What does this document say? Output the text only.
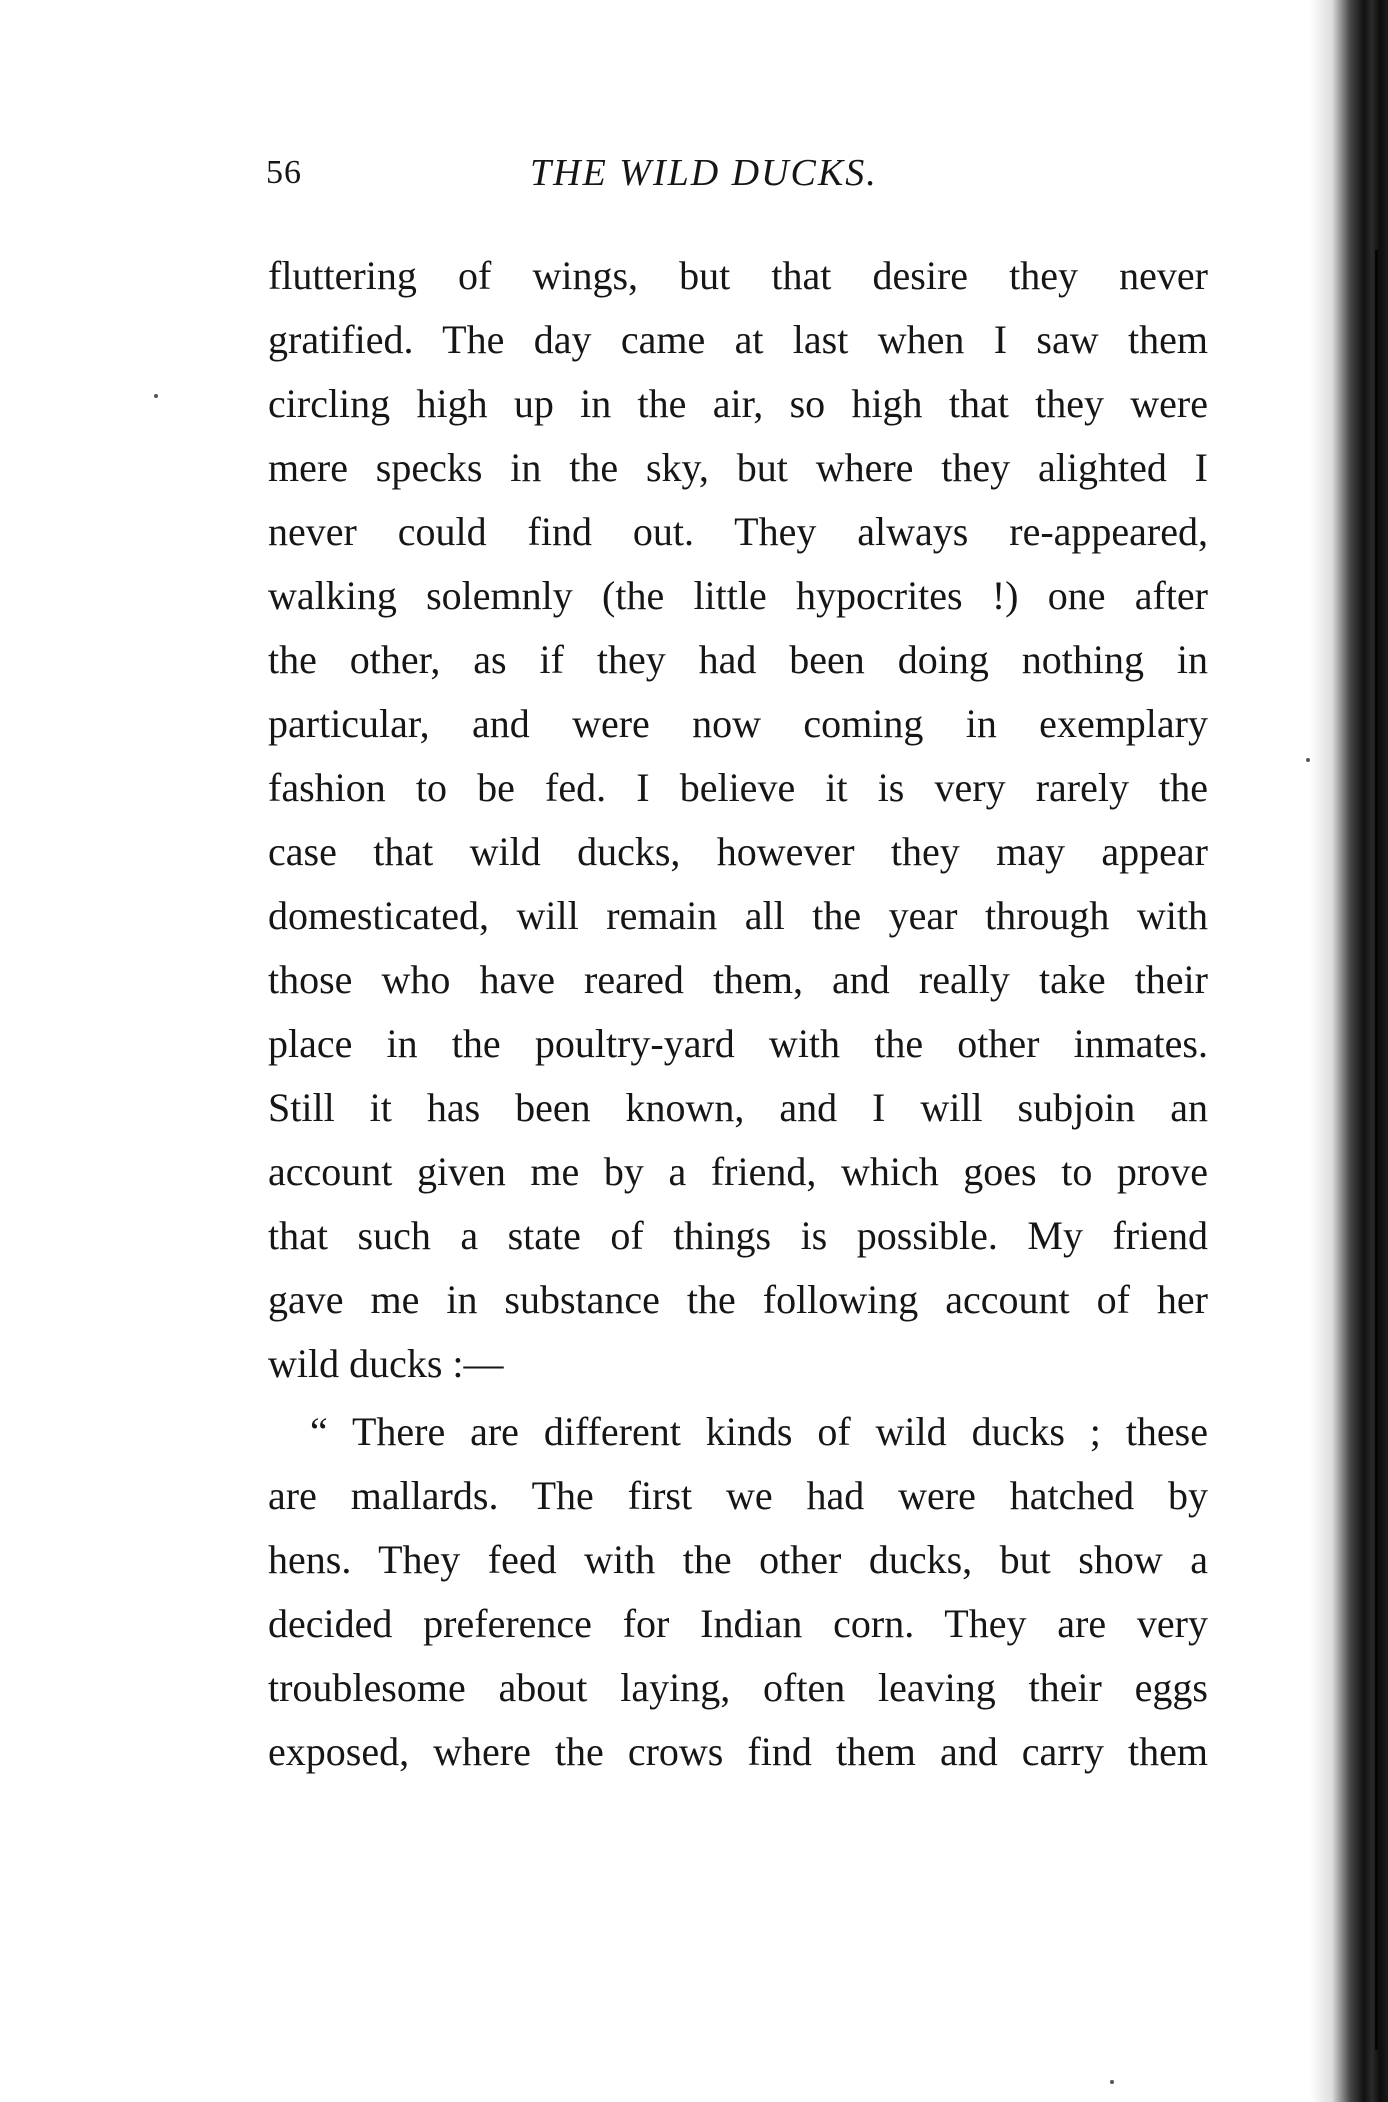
56	THE WILD DUCKS.

fluttering of wings, but that desire they never
gratified. The day came at last when I saw them
circling high up in the air, so high that they were
mere specks in the sky, but where they alighted I
never could find out. They always re-appeared,
walking solemnly (the little hypocrites !) one after
the other, as if they had been doing nothing in
particular, and were now coming in exemplary
fashion to be fed. I believe it is very rarely the
case that wild ducks, however they may appear
domesticated, will remain all the year through with
those who have reared them, and really take their
place in the poultry-yard with the other inmates.
Still it has been known, and I will subjoin an
account given me by a friend, which goes to prove
that such a state of things is possible. My friend
gave me in substance the following account of her
wild ducks :—

“ There are different kinds of wild ducks ; these
are mallards. The first we had were hatched by
hens. They feed with the other ducks, but show a
decided preference for Indian corn. They are very
troublesome about laying, often leaving their eggs
exposed, where the crows find them and carry them
